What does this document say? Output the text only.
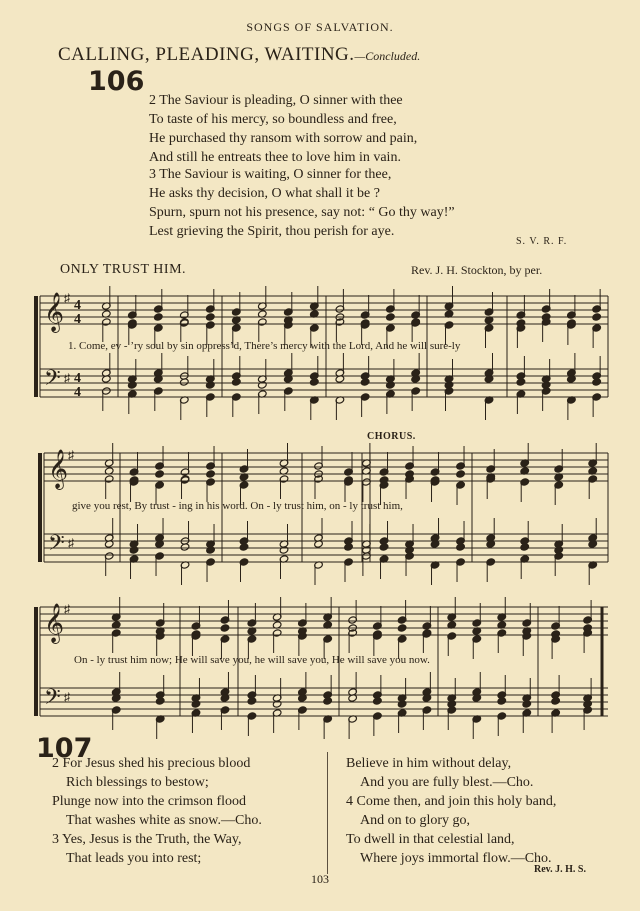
SONGS OF SALVATION.
CALLING, PLEADING, WAITING.—Concluded.
106
2 The Saviour is pleading, O sinner with thee
To taste of his mercy, so boundless and free,
He purchased thy ransom with sorrow and pain,
And still he entreats thee to love him in vain.
3 The Saviour is waiting, O sinner for thee,
He asks thy decision, O what shall it be ?
Spurn, spurn not his presence, say not: “ Go thy way!”
Lest grieving the Spirit, thou perish for aye.
S. V. R. F.
ONLY TRUST HIM.	Rev. J. H. Stockton, by per.
𝄞
𝄢
♯
♯
4
4
4
4
𝄞
𝄢
♯
♯
𝄞
𝄢
♯
♯
1. Come, ev - ’ry soul by sin oppress’d, There’s mercy with the Lord, And he will sure-ly
CHORUS.
give you rest, By trust - ing in his word. On - ly trust him, on - ly trust him,
On - ly trust him now; He will save you, he will save you, He will save you now.
107
2 For Jesus shed his precious blood
Rich blessings to bestow;
Plunge now into the crimson flood
That washes white as snow.—Cho.
3 Yes, Jesus is the Truth, the Way,
That leads you into rest;
Believe in him without delay,
And you are fully blest.—Cho.
4 Come then, and join this holy band,
And on to glory go,
To dwell in that celestial land,
Where joys immortal flow.—Cho.
Rev. J. H. S.
103
